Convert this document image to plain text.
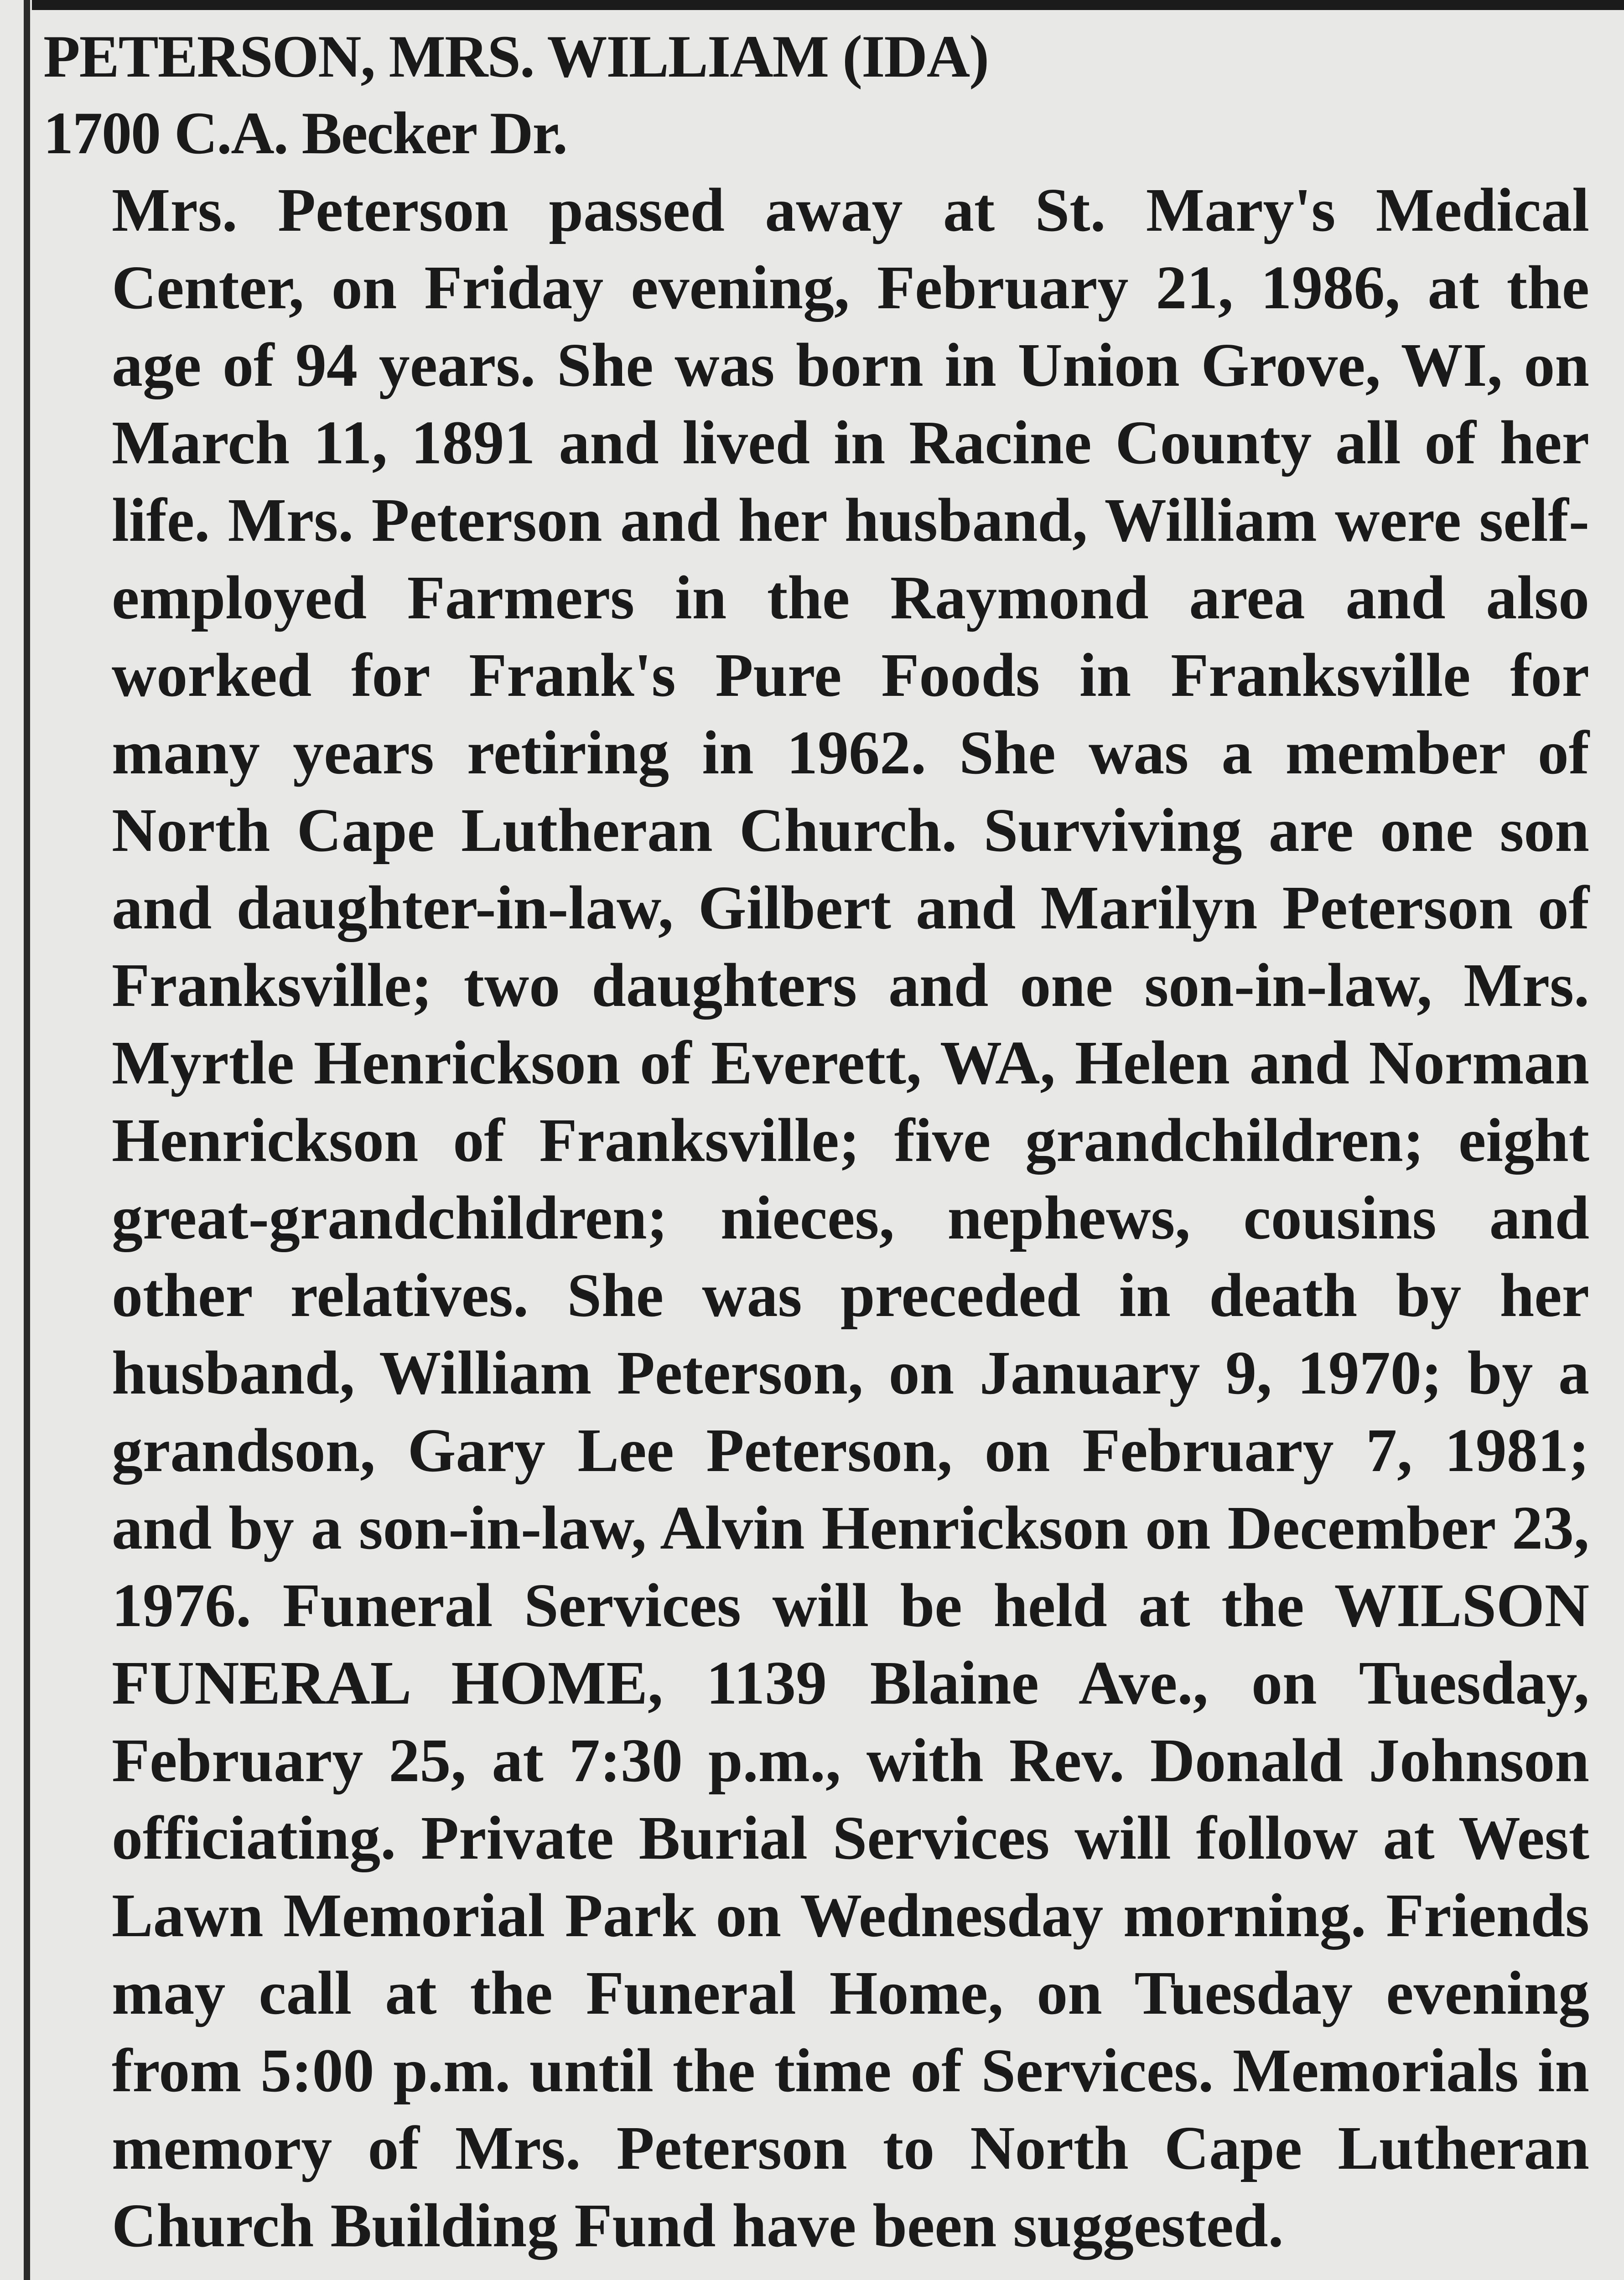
PETERSON, MRS. WILLIAM (IDA)
1700 C.A. Becker Dr.
Mrs. Peterson passed away at St. Mary's Medical Center, on Friday evening, February 21, 1986, at the age of 94 years. She was born in Union Grove, WI, on March 11, 1891 and lived in Racine County all of her life. Mrs. Peterson and her husband, William were self-employed Farmers in the Raymond area and also worked for Frank's Pure Foods in Franksville for many years retiring in 1962. She was a member of North Cape Lutheran Church. Surviving are one son and daughter-in-law, Gilbert and Marilyn Peterson of Franksville; two daughters and one son-in-law, Mrs. Myrtle Henrickson of Everett, WA, Helen and Norman Henrickson of Franksville; five grandchildren; eight great-grandchildren; nieces, nephews, cousins and other relatives. She was preceded in death by her husband, William Peterson, on January 9, 1970; by a grandson, Gary Lee Peterson, on February 7, 1981; and by a son-in-law, Alvin Henrickson on December 23, 1976. Funeral Services will be held at the WILSON FUNERAL HOME, 1139 Blaine Ave., on Tuesday, February 25, at 7:30 p.m., with Rev. Donald Johnson officiating. Private Burial Services will follow at West Lawn Memorial Park on Wednesday morning. Friends may call at the Funeral Home, on Tuesday evening from 5:00 p.m. until the time of Services. Memorials in memory of Mrs. Peterson to North Cape Lutheran Church Building Fund have been suggested.
